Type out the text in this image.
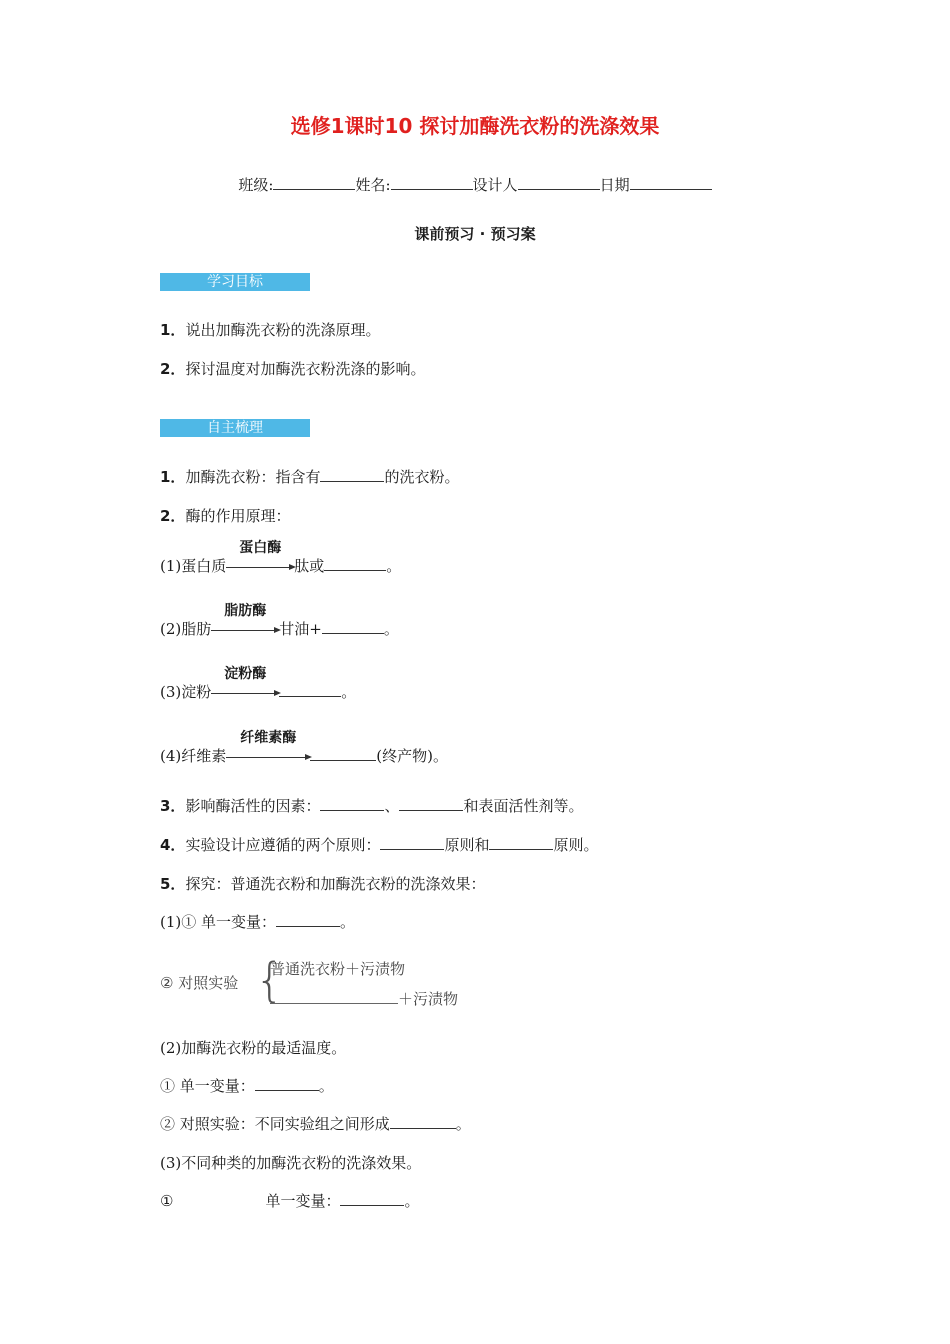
选修1课时10 探讨加酶洗衣粉的洗涤效果
班级:	姓名:	设计人	日期
课前预习 · 预习案
学习目标
1．说出加酶洗衣粉的洗涤原理。
2．探讨温度对加酶洗衣粉洗涤的影响。
自主梳理
1．加酶洗衣粉：指含有	的洗衣粉。
2．酶的作用原理：
(1)蛋白质
蛋白酶
肽或	。
(2)脂肪
脂肪酶
甘油+	。
(3)淀粉
淀粉酶
。
(4)纤维素
纤维素酶
(终产物)。
3．影响酶活性的因素：	、	和表面活性剂等。
4．实验设计应遵循的两个原则：	原则和	原则。
5．探究：普通洗衣粉和加酶洗衣粉的洗涤效果：
(1)① 单一变量：	。
② 对照实验 {
普通洗衣粉＋污渍物
＋污渍物
(2)加酶洗衣粉的最适温度。
① 单一变量：	。
② 对照实验：不同实验组之间形成	。
(3)不同种类的加酶洗衣粉的洗涤效果。
①	单一变量：	。
